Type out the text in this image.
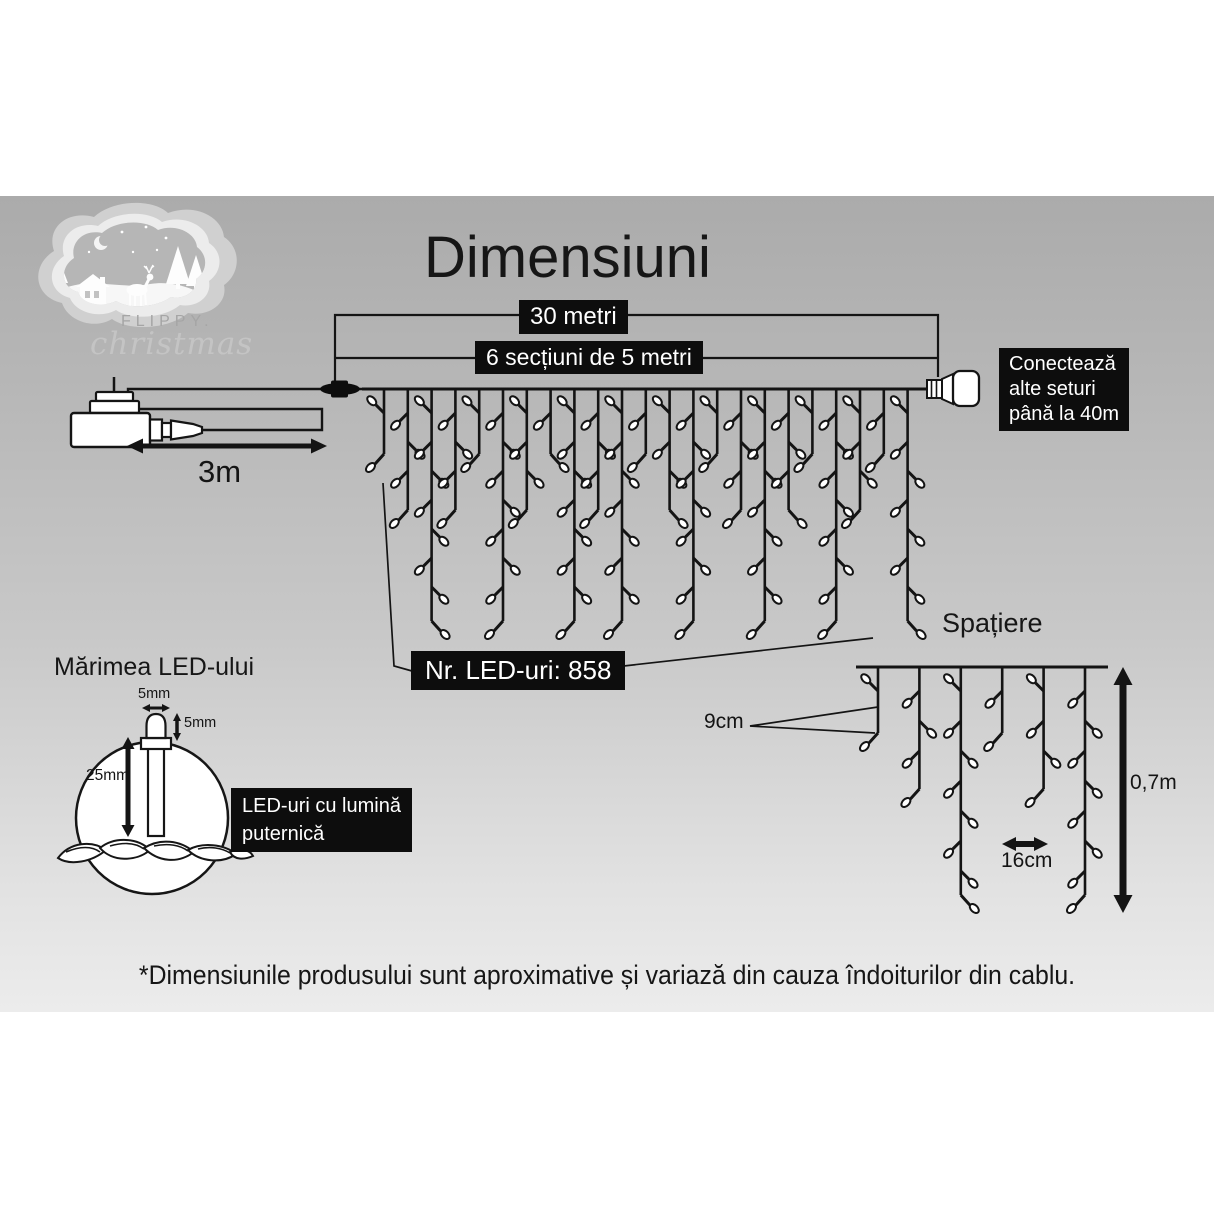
Dimensiuni
FLIPPY.
christmas
30 metri
6 secțiuni de 5 metri	Conectează
alte seturi
până la 40m
Nr. LED-uri: 858
LED-uri cu lumină
puternică
3m
9cm
16cm
0,7m
Spațiere
Mărimea LED-ului
5mm
5mm
25mm
*Dimensiunile produsului sunt aproximative și variază din cauza îndoiturilor din cablu.
